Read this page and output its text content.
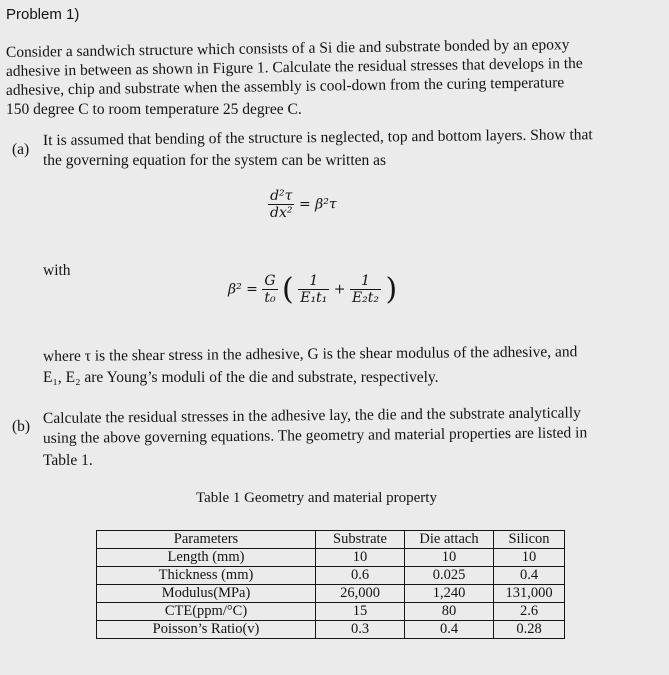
Problem 1)
Consider a sandwich structure which consists of a Si die and substrate bonded by an epoxy
adhesive in between as shown in Figure 1. Calculate the residual stresses that develops in the
adhesive, chip and substrate when the assembly is cool-down from the curing temperature
150 degree C to room temperature 25 degree C.
(a)
It is assumed that bending of the structure is neglected, top and bottom layers. Show that
the governing equation for the system can be written as
$\frac{\text{d²τ}}{\text{dx²}} = \beta^2\tau$
with
$\beta^2 = \frac{G}{\text{t₀}}$ ( $\frac{1}{\text{E₁t₁}} + \frac{1}{\text{E₂t₂}}$ )
where τ is the shear stress in the adhesive, G is the shear modulus of the adhesive, and
E₁, E₂ are Young’s moduli of the die and substrate, respectively.
(b) Calculate the residual stresses in the adhesive lay, the die and the substrate analytically
using the above governing equations. The geometry and material properties are listed in
Table 1.
Table 1 Geometry and material property
Parameters	Substrate	Die attach	Silicon
Length (mm)	10	10	10
Thickness (mm)	0.6	0.025	0.4
Modulus(MPa)	26,000	1,240	131,000
CTE(ppm/°C)	15	80	2.6
Poisson’s Ratio(v)	0.3	0.4	0.28
